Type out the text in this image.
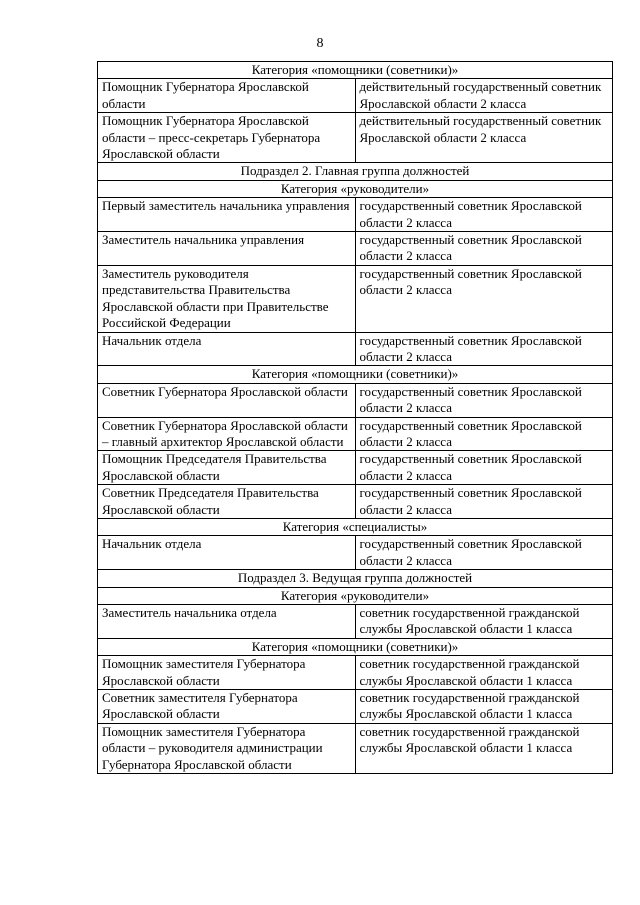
8
Категория «помощники (советники)»	
Помощник Губернатора Ярославской области	действительный государственный советник Ярославской области 2 класса
Помощник Губернатора Ярославской области – пресс-секретарь Губернатора Ярославской области	действительный государственный советник Ярославской области 2 класса
Подраздел 2. Главная группа должностей	
Категория «руководители»	
Первый заместитель начальника управления	государственный советник Ярославской области 2 класса
Заместитель начальника управления	государственный советник Ярославской области 2 класса
Заместитель руководителя представительства Правительства Ярославской области при Правительстве Российской Федерации	государственный советник Ярославской области 2 класса
Начальник отдела	государственный советник Ярославской области 2 класса
Категория «помощники (советники)»	
Советник Губернатора Ярославской области	государственный советник Ярославской области 2 класса
Советник Губернатора Ярославской области – главный архитектор Ярославской области	государственный советник Ярославской области 2 класса
Помощник Председателя Правительства Ярославской области	государственный советник Ярославской области 2 класса
Советник Председателя Правительства Ярославской области	государственный советник Ярославской области 2 класса
Категория «специалисты»	
Начальник отдела	государственный советник Ярославской области 2 класса
Подраздел 3. Ведущая группа должностей	
Категория «руководители»	
Заместитель начальника отдела	советник государственной гражданской службы Ярославской области 1 класса
Категория «помощники (советники)»	
Помощник заместителя Губернатора Ярославской области	советник государственной гражданской службы Ярославской области 1 класса
Советник заместителя Губернатора Ярославской области	советник государственной гражданской службы Ярославской области 1 класса
Помощник заместителя Губернатора области – руководителя администрации Губернатора Ярославской области	советник государственной гражданской службы Ярославской области 1 класса
